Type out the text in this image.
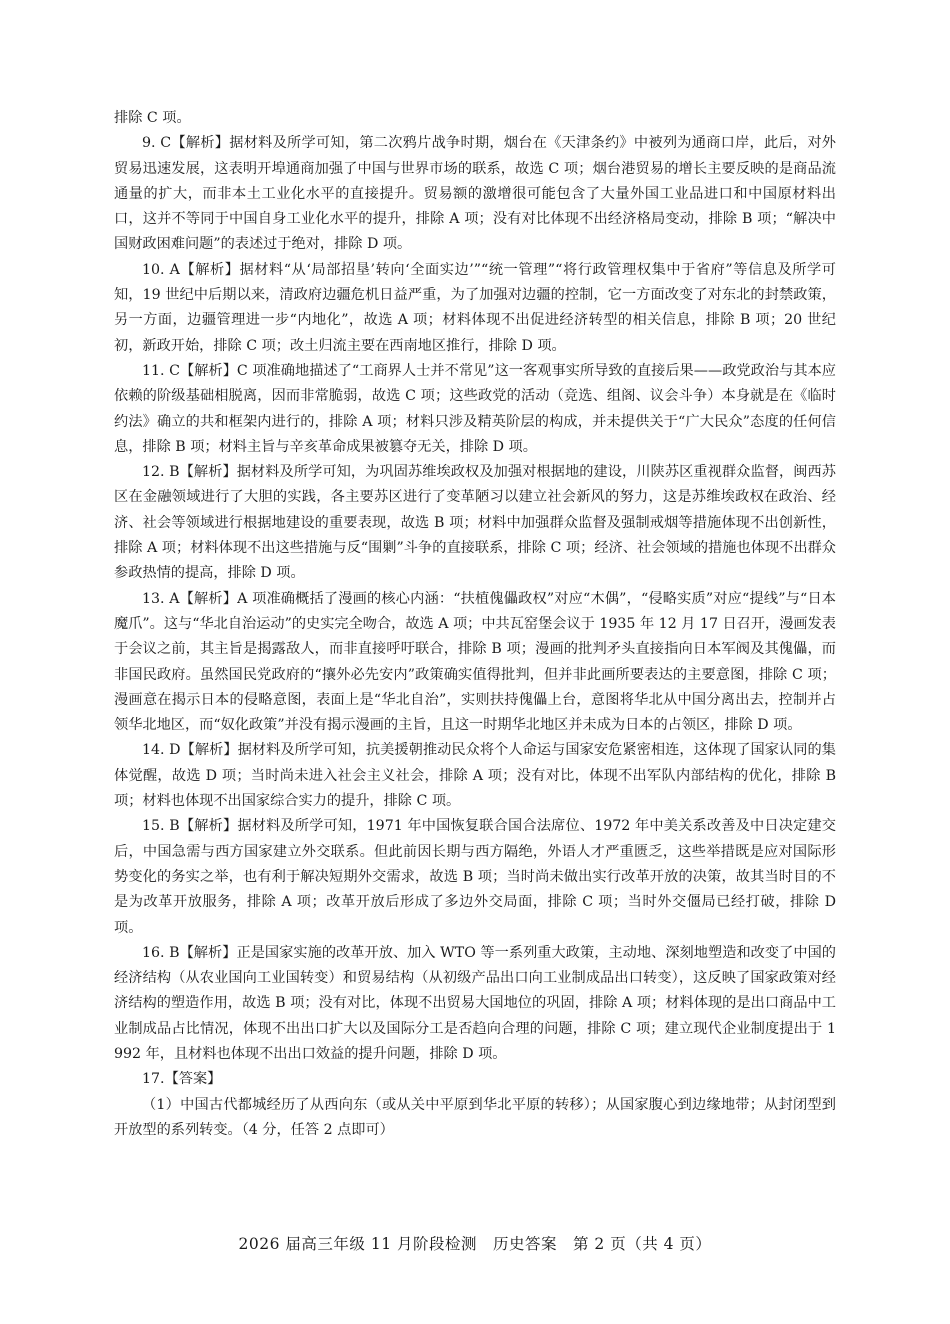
排除 C 项。

9. C【解析】据材料及所学可知，第二次鸦片战争时期，烟台在《天津条约》中被列为通商口岸，此后，对外贸易迅速发展，这表明开埠通商加强了中国与世界市场的联系，故选 C 项；烟台港贸易的增长主要反映的是商品流通量的扩大，而非本土工业化水平的直接提升。贸易额的激增很可能包含了大量外国工业品进口和中国原材料出口，这并不等同于中国自身工业化水平的提升，排除 A 项；没有对比体现不出经济格局变动，排除 B 项；“解决中国财政困难问题”的表述过于绝对，排除 D 项。

10. A【解析】据材料“从‘局部招垦’转向‘全面实边’”“统一管理”“将行政管理权集中于省府”等信息及所学可知，19 世纪中后期以来，清政府边疆危机日益严重，为了加强对边疆的控制，它一方面改变了对东北的封禁政策，另一方面，边疆管理进一步“内地化”，故选 A 项；材料体现不出促进经济转型的相关信息，排除 B 项；20 世纪初，新政开始，排除 C 项；改土归流主要在西南地区推行，排除 D 项。

11. C【解析】C 项准确地描述了“工商界人士并不常见”这一客观事实所导致的直接后果——政党政治与其本应依赖的阶级基础相脱离，因而非常脆弱，故选 C 项；这些政党的活动（竞选、组阁、议会斗争）本身就是在《临时约法》确立的共和框架内进行的，排除 A 项；材料只涉及精英阶层的构成，并未提供关于“广大民众”态度的任何信息，排除 B 项；材料主旨与辛亥革命成果被篡夺无关，排除 D 项。

12. B【解析】据材料及所学可知，为巩固苏维埃政权及加强对根据地的建设，川陕苏区重视群众监督，闽西苏区在金融领域进行了大胆的实践，各主要苏区进行了变革陋习以建立社会新风的努力，这是苏维埃政权在政治、经济、社会等领域进行根据地建设的重要表现，故选 B 项；材料中加强群众监督及强制戒烟等措施体现不出创新性，排除 A 项；材料体现不出这些措施与反“围剿”斗争的直接联系，排除 C 项；经济、社会领域的措施也体现不出群众参政热情的提高，排除 D 项。

13. A【解析】A 项准确概括了漫画的核心内涵：“扶植傀儡政权”对应“木偶”，“侵略实质”对应“提线”与“日本魔爪”。这与“华北自治运动”的史实完全吻合，故选 A 项；中共瓦窑堡会议于 1935 年 12 月 17 日召开，漫画发表于会议之前，其主旨是揭露敌人，而非直接呼吁联合，排除 B 项；漫画的批判矛头直接指向日本军阀及其傀儡，而非国民政府。虽然国民党政府的“攘外必先安内”政策确实值得批判，但并非此画所要表达的主要意图，排除 C 项；漫画意在揭示日本的侵略意图，表面上是“华北自治”，实则扶持傀儡上台，意图将华北从中国分离出去，控制并占领华北地区，而“奴化政策”并没有揭示漫画的主旨，且这一时期华北地区并未成为日本的占领区，排除 D 项。

14. D【解析】据材料及所学可知，抗美援朝推动民众将个人命运与国家安危紧密相连，这体现了国家认同的集体觉醒，故选 D 项；当时尚未进入社会主义社会，排除 A 项；没有对比，体现不出军队内部结构的优化，排除 B 项；材料也体现不出国家综合实力的提升，排除 C 项。

15. B【解析】据材料及所学可知，1971 年中国恢复联合国合法席位、1972 年中美关系改善及中日决定建交后，中国急需与西方国家建立外交联系。但此前因长期与西方隔绝，外语人才严重匮乏，这些举措既是应对国际形势变化的务实之举，也有利于解决短期外交需求，故选 B 项；当时尚未做出实行改革开放的决策，故其当时目的不是为改革开放服务，排除 A 项；改革开放后形成了多边外交局面，排除 C 项；当时外交僵局已经打破，排除 D 项。

16. B【解析】正是国家实施的改革开放、加入 WTO 等一系列重大政策，主动地、深刻地塑造和改变了中国的经济结构（从农业国向工业国转变）和贸易结构（从初级产品出口向工业制成品出口转变），这反映了国家政策对经济结构的塑造作用，故选 B 项；没有对比，体现不出贸易大国地位的巩固，排除 A 项；材料体现的是出口商品中工业制成品占比情况，体现不出出口扩大以及国际分工是否趋向合理的问题，排除 C 项；建立现代企业制度提出于 1992 年，且材料也体现不出出口效益的提升问题，排除 D 项。

17.【答案】

（1）中国古代都城经历了从西向东（或从关中平原到华北平原的转移）；从国家腹心到边缘地带；从封闭型到开放型的系列转变。（4 分，任答 2 点即可）

2026 届高三年级 11 月阶段检测　历史答案　第 2 页（共 4 页）
